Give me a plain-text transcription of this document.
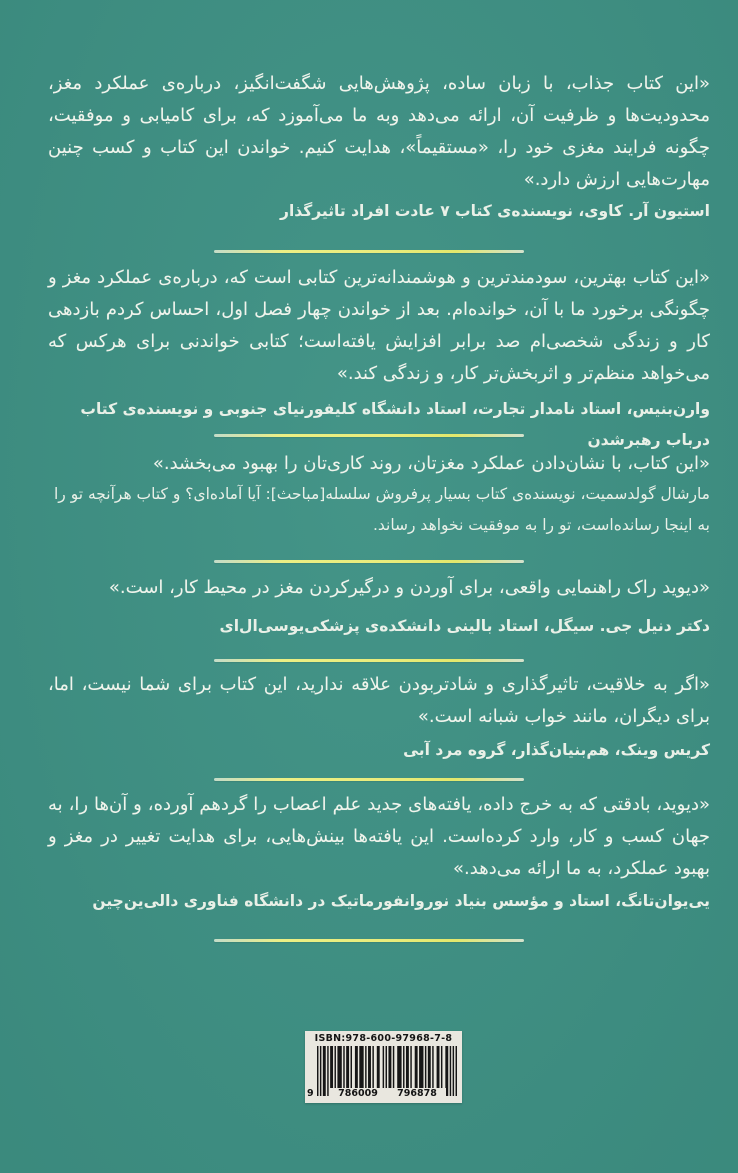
«این کتاب جذاب، با زبان ساده، پژوهش‌هایی شگفت‌انگیز، درباره‌ی عملکرد مغز، محدودیت‌ها و ظرفیت آن، ارائه می‌دهد وبه ما می‌آموزد که، برای کامیابی و موفقیت، چگونه فرایند مغزی خود را، «مستقیماً»، هدایت کنیم. خواندن این کتاب و کسب چنین مهارت‌هایی ارزش دارد.»

استیون آر. کاوی، نویسنده‌ی کتاب ۷ عادت افراد تاثیرگذار

«این کتاب بهترین، سودمندترین و هوشمندانه‌ترین کتابی است که، درباره‌ی عملکرد مغز و چگونگی برخورد ما با آن، خوانده‌ام. بعد از خواندن چهار فصل اول، احساس کردم بازدهی کار و زندگی شخصی‌ام صد برابر افزایش یافته‌است؛ کتابی خواندنی برای هرکس که می‌خواهد منظم‌تر و اثربخش‌تر کار، و زندگی کند.»

وارن‌بنیس، استاد نامدار تجارت، استاد دانشگاه کلیفورنیای جنوبی و نویسنده‌ی کتاب درباب رهبرشدن

«این کتاب، با نشان‌دادن عملکرد مغزتان، روند کاری‌تان را بهبود می‌بخشد.»

مارشال گولدسمیت، نویسنده‌ی کتاب بسیار پرفروش سلسله[مباحث]: آیا آماده‌ای؟ و کتاب هرآنچه تو را به اینجا رسانده‌است، تو را به موفقیت نخواهد رساند.

«دیوید راک راهنمایی واقعی، برای آوردن و درگیرکردن مغز در محیط کار، است.»

دکتر دنیل جی. سیگل، استاد بالینی دانشکده‌ی پزشکی‌یوسی‌ال‌ای

«اگر به خلاقیت، تاثیرگذاری و شادتربودن علاقه ندارید، این کتاب برای شما نیست، اما، برای دیگران، مانند خواب شبانه است.»

کریس وینک، هم‌بنیان‌گذار، گروه مرد آبی

«دیوید، بادقتی که به خرج داده، یافته‌های جدید علم اعصاب را گردهم آورده، و آن‌ها را، به جهان کسب و کار، وارد کرده‌است. این یافته‌ها بینش‌هایی، برای هدایت تغییر در مغز و بهبود عملکرد، به ما ارائه می‌دهد.»

یی‌یوان‌تانگ، استاد و مؤسس بنیاد نوروانفورماتیک در دانشگاه فناوری دالی‌ین‌چین

ISBN:978-600-97968-7-8
9	786009	796878
